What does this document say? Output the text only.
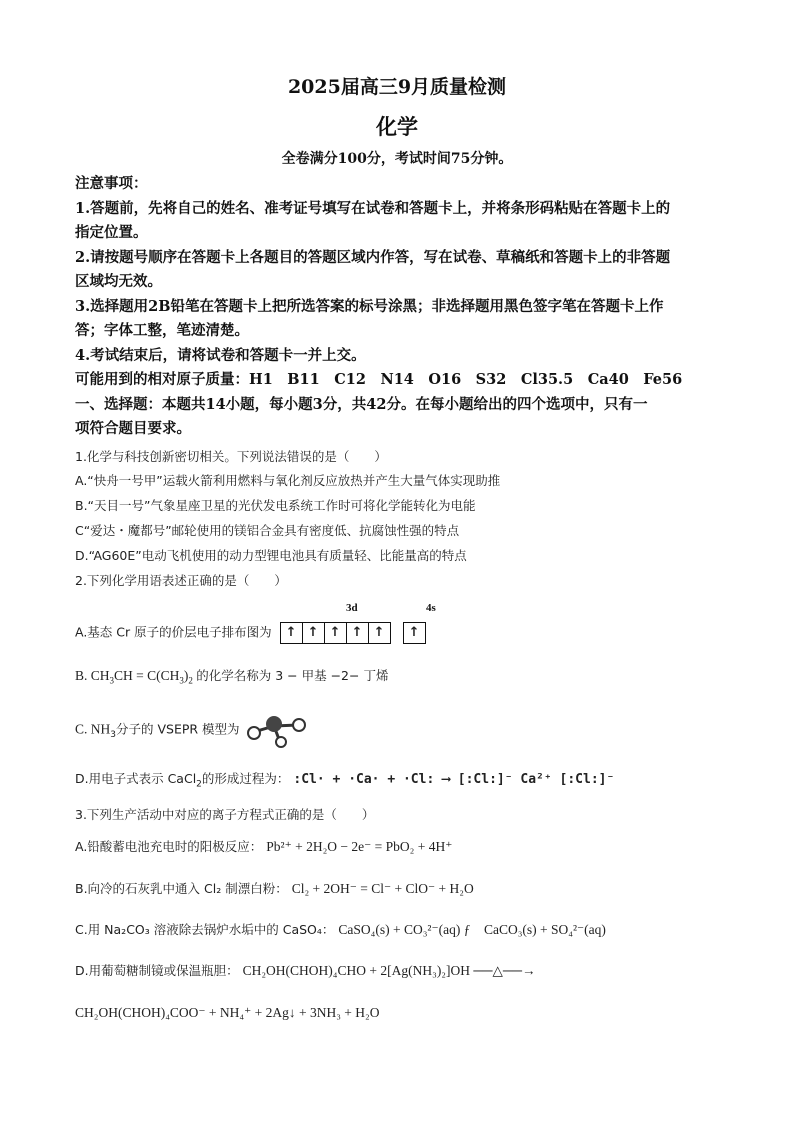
2025届高三9月质量检测
化学
全卷满分100分，考试时间75分钟。

注意事项：

1.答题前，先将自己的姓名、准考证号填写在试卷和答题卡上，并将条形码粘贴在答题卡上的

指定位置。

2.请按题号顺序在答题卡上各题目的答题区域内作答，写在试卷、草稿纸和答题卡上的非答题

区域均无效。

3.选择题用2B铅笔在答题卡上把所选答案的标号涂黑；非选择题用黑色签字笔在答题卡上作

答；字体工整，笔迹清楚。

4.考试结束后，请将试卷和答题卡一并上交。

可能用到的相对原子质量：H1　B11　C12　N14　O16　S32　Cl35.5　Ca40　Fe56

一、选择题：本题共14小题，每小题3分，共42分。在每小题给出的四个选项中，只有一

项符合题目要求。

1.化学与科技创新密切相关。下列说法错误的是（　　）

A.“快舟一号甲”运载火箭利用燃料与氧化剂反应放热并产生大量气体实现助推

B.“天目一号”气象星座卫星的光伏发电系统工作时可将化学能转化为电能

C“爱达・魔都号”邮轮使用的镁铝合金具有密度低、抗腐蚀性强的特点

D.“AG60E”电动飞机使用的动力型锂电池具有质量轻、比能量高的特点

2.下列化学用语表述正确的是（　　）

3d	4s
A.基态 Cr 原子的价层电子排布图为	↑ ↑ ↑ ↑ ↑
	↑
B. $CH_3CH = C(CH_3)_2$ 的化学名称为 3 − 甲基 −2− 丁烯
C. $NH_3$分子的 VSEPR 模型为
D.用电子式表示 CaCl$_2$的形成过程为： :Cl· + ·Ca· + ·Cl: ⟶ [:Cl:]⁻ Ca²⁺ [:Cl:]⁻

3.下列生产活动中对应的离子方程式正确的是（　　）

A.铅酸蓄电池充电时的阳极反应： Pb²⁺ + 2H₂O − 2e⁻ = PbO₂ + 4H⁺
B.向冷的石灰乳中通入 Cl₂ 制漂白粉： Cl₂ + 2OH⁻ = Cl⁻ + ClO⁻ + H₂O
C.用 Na₂CO₃ 溶液除去锅炉水垢中的 CaSO₄： CaSO₄(s) + CO₃²⁻(aq) ƒ　CaCO₃(s) + SO₄²⁻(aq)
D.用葡萄糖制镜或保温瓶胆： CH₂OH(CHOH)₄CHO + 2[Ag(NH₃)₂]OH ──△──→
CH₂OH(CHOH)₄COO⁻ + NH₄⁺ + 2Ag↓ + 3NH₃ + H₂O
